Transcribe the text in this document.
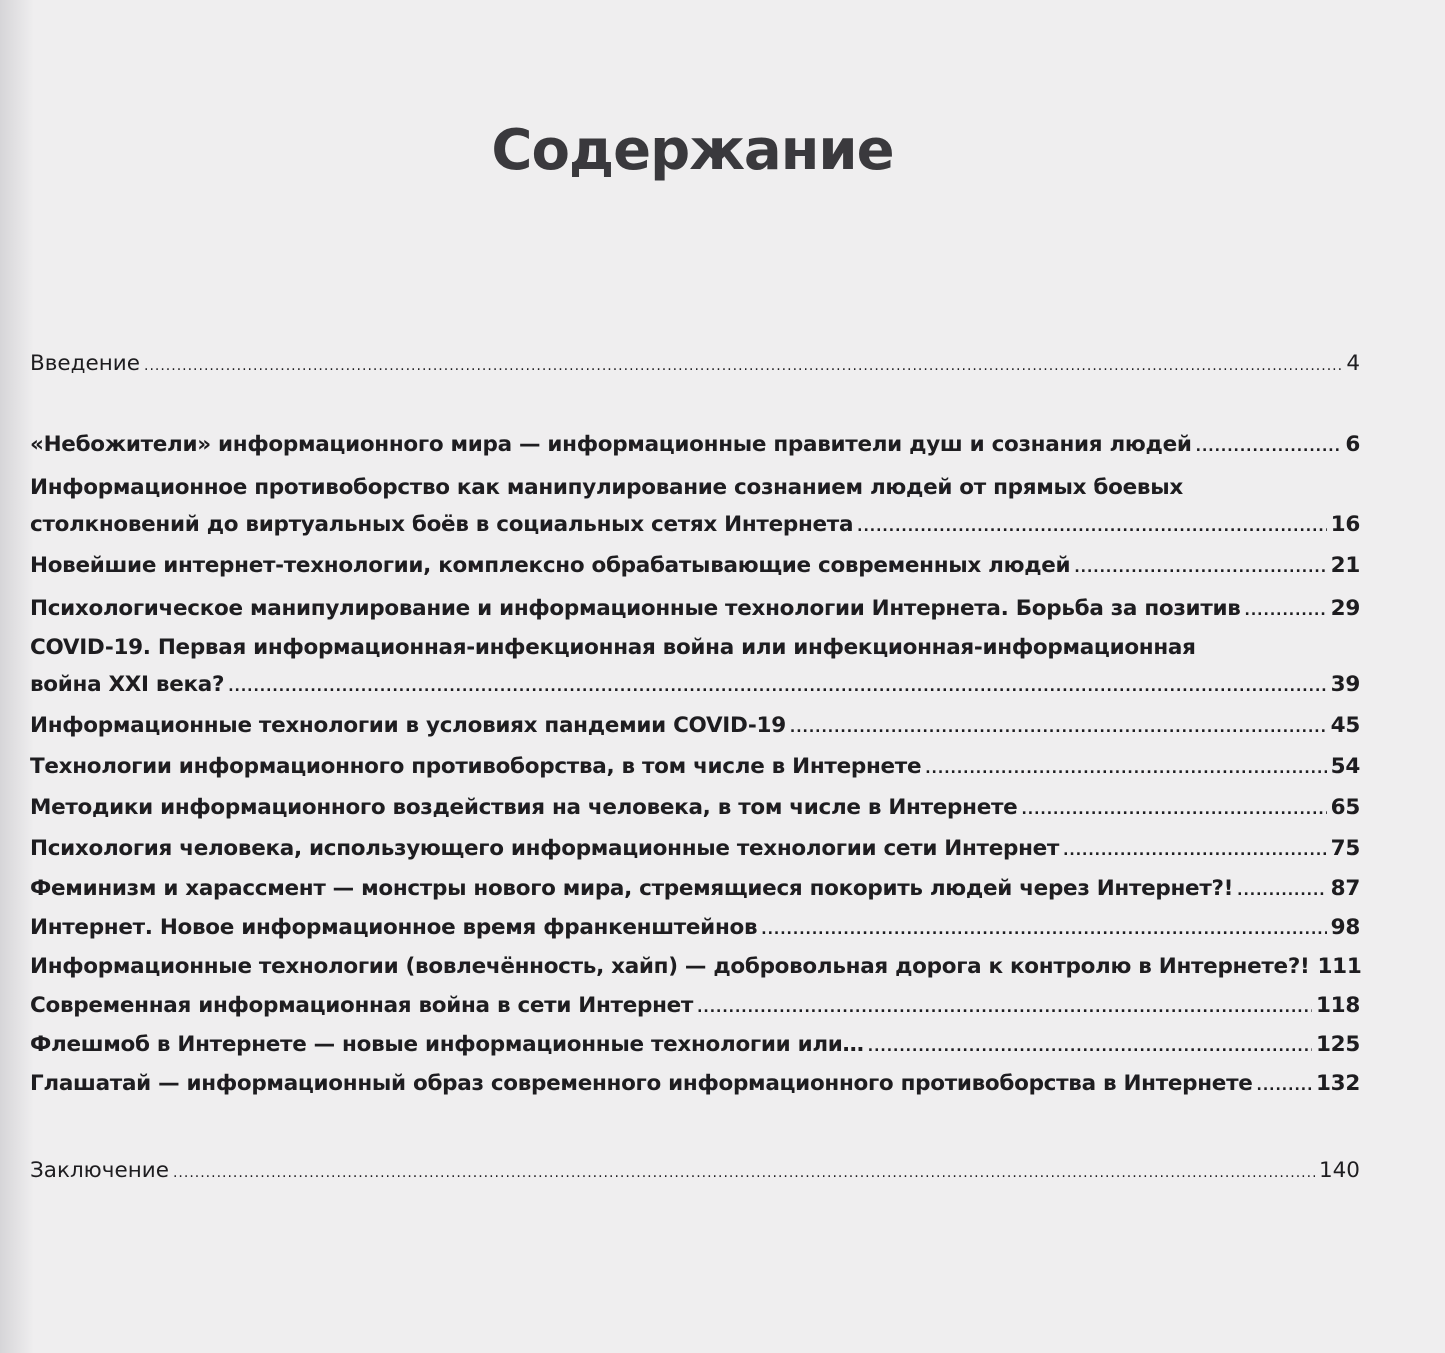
Содержание
Введение .....	4
«Небожители» информационного мира — информационные правители душ и сознания людей .....	6
Информационное противоборство как манипулирование сознанием людей от прямых боевых
столкновений до виртуальных боёв в социальных сетях Интернета .....	16
Новейшие интернет-технологии, комплексно обрабатывающие современных людей .....	21
Психологическое манипулирование и информационные технологии Интернета. Борьба за позитив .....	29
COVID-19. Первая информационная-инфекционная война или инфекционная-информационная
война XXI века? .....	39
Информационные технологии в условиях пандемии COVID-19 .....	45
Технологии информационного противоборства, в том числе в Интернете .....	54
Методики информационного воздействия на человека, в том числе в Интернете .....	65
Психология человека, использующего информационные технологии сети Интернет .....	75
Феминизм и харассмент — монстры нового мира, стремящиеся покорить людей через Интернет?! .....	87
Интернет. Новое информационное время франкенштейнов .....	98
Информационные технологии (вовлечённость, хайп) — добровольная дорога к контролю в Интернете?! 111
Современная информационная война в сети Интернет .....	118
Флешмоб в Интернете — новые информационные технологии или… .....	125
Глашатай — информационный образ современного информационного противоборства в Интернете .....	132
Заключение .....	140
